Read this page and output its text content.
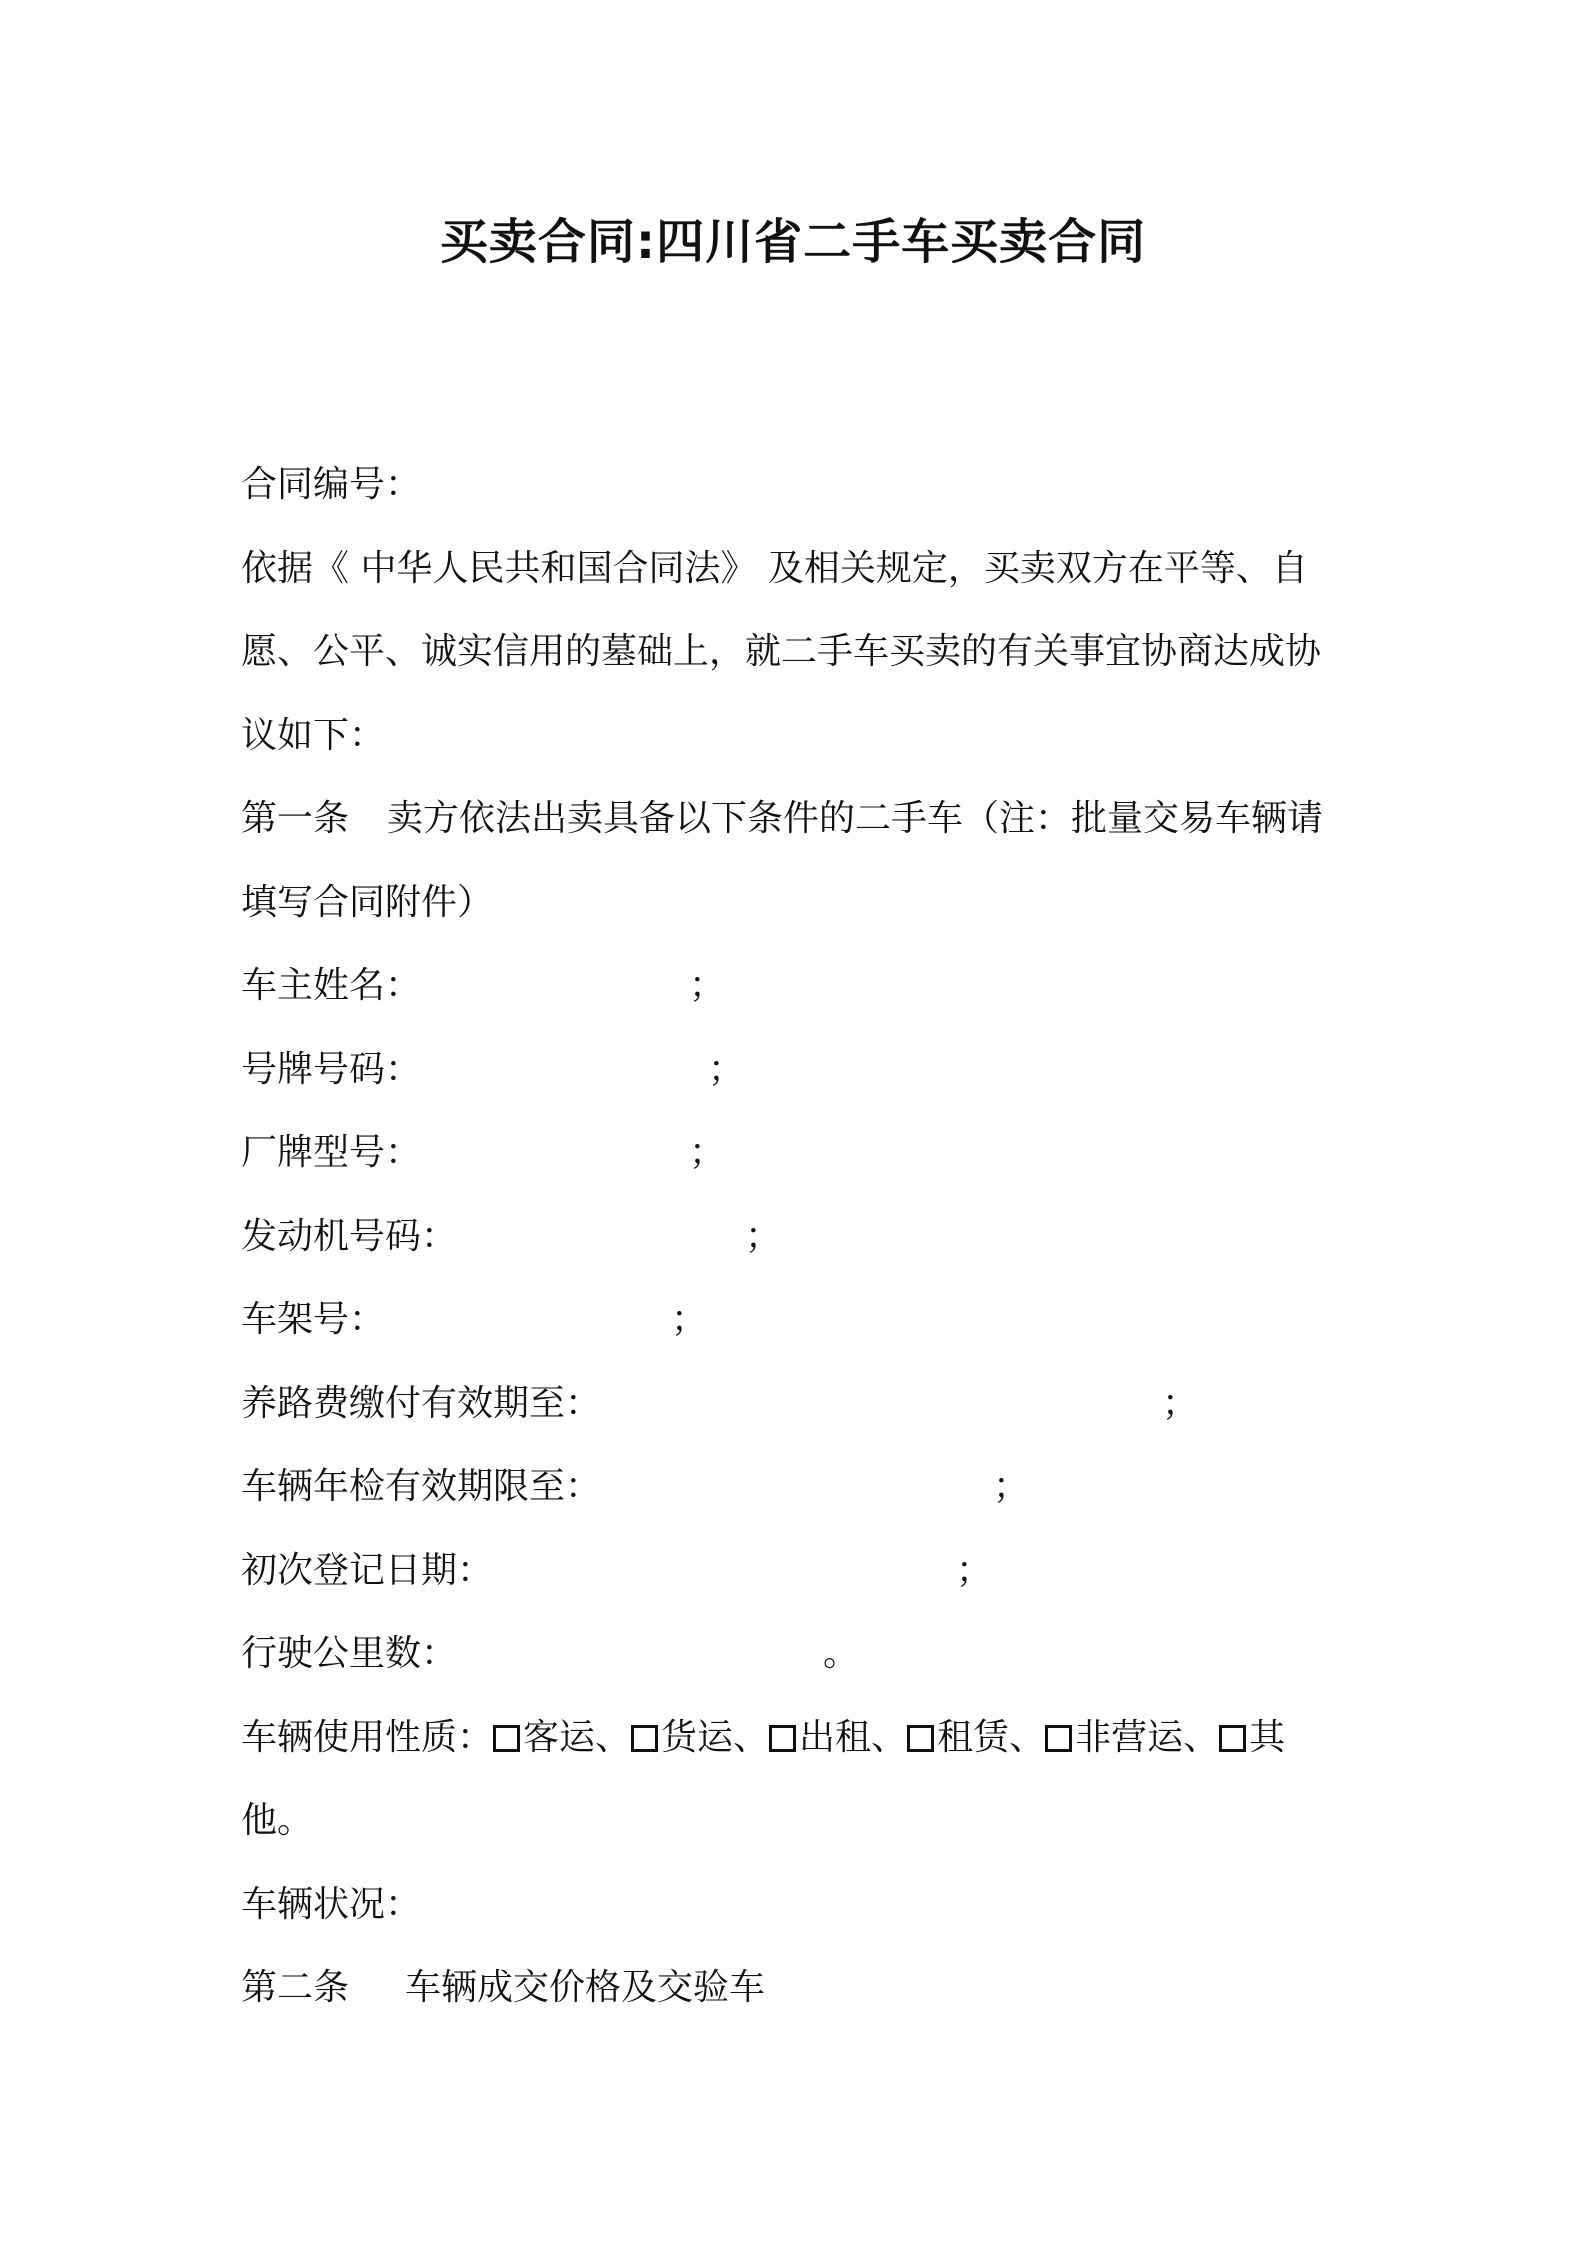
买卖合同:四川省二手车买卖合同
合同编号：
依据《 中华人民共和国合同法》 及相关规定，买卖双方在平等、自
愿、公平、诚实信用的墓础上，就二手车买卖的有关事宜协商达成协
议如下：
第一条 卖方依法出卖具备以下条件的二手车（注：批量交易车辆请
填写合同附件）
车主姓名：	；
号牌号码：	；
厂牌型号：	；
发动机号码：	；
车架号：	；
养路费缴付有效期至：	；
车辆年检有效期限至：	；
初次登记日期：	；
行驶公里数：	。
车辆使用性质： 客运、 货运、 出租、 租赁、 非营运、 其
他。
车辆状况：
第二条 车辆成交价格及交验车
